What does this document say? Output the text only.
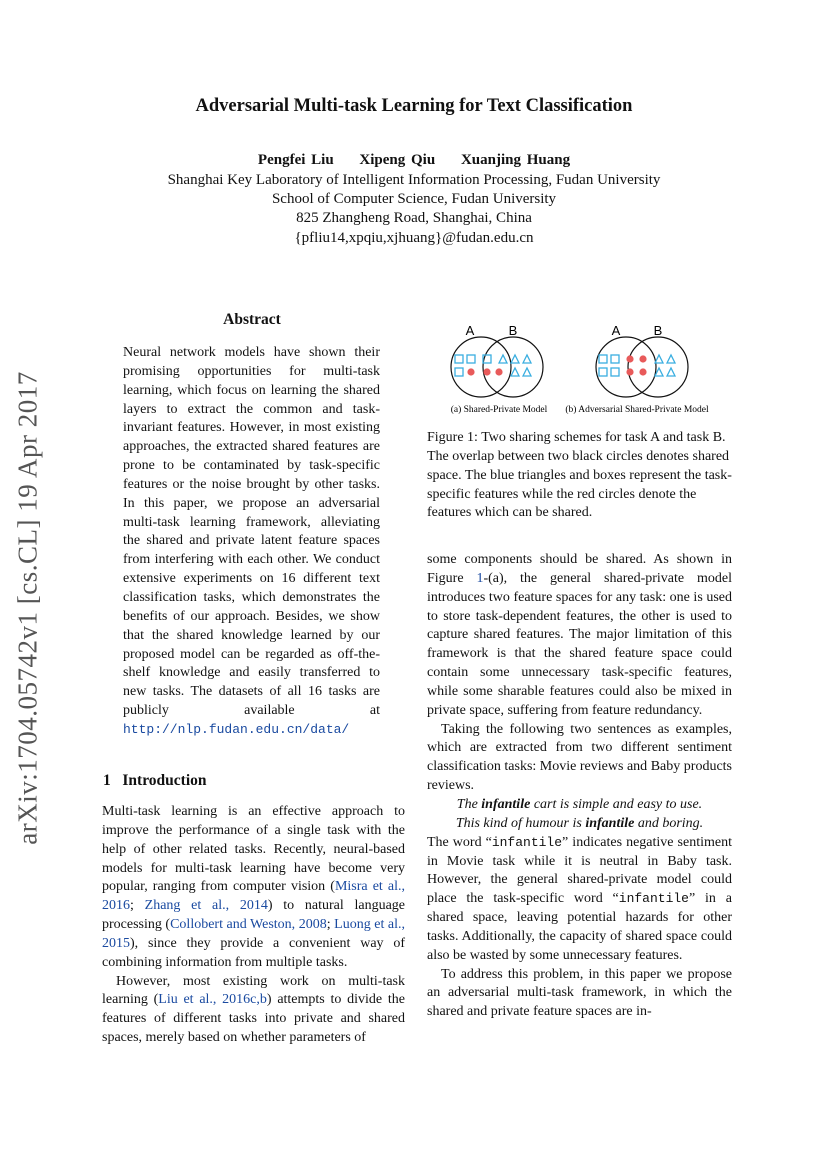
arXiv:1704.05742v1 [cs.CL] 19 Apr 2017
Adversarial Multi-task Learning for Text Classification
Pengfei Liu Xipeng Qiu Xuanjing Huang
Shanghai Key Laboratory of Intelligent Information Processing, Fudan University
School of Computer Science, Fudan University
825 Zhangheng Road, Shanghai, China
{pfliu14,xpqiu,xjhuang}@fudan.edu.cn
Abstract

Neural network models have shown their promising opportunities for multi-task learning, which focus on learning the shared layers to extract the common and task-invariant features. However, in most existing approaches, the extracted shared features are prone to be contaminated by task-specific features or the noise brought by other tasks. In this paper, we propose an adversarial multi-task learning framework, alleviating the shared and private latent feature spaces from interfering with each other. We conduct extensive experiments on 16 different text classification tasks, which demonstrates the benefits of our approach. Besides, we show that the shared knowledge learned by our proposed model can be regarded as off-the-shelf knowledge and easily transferred to new tasks. The datasets of all 16 tasks are publicly available at http://nlp.fudan.edu.cn/data/

1 Introduction

Multi-task learning is an effective approach to improve the performance of a single task with the help of other related tasks. Recently, neural-based models for multi-task learning have become very popular, ranging from computer vision (Misra et al., 2016; Zhang et al., 2014) to natural language processing (Collobert and Weston, 2008; Luong et al., 2015), since they provide a convenient way of combining information from multiple tasks.

However, most existing work on multi-task learning (Liu et al., 2016c,b) attempts to divide the features of different tasks into private and shared spaces, merely based on whether parameters of

A	B	A	B
(a) Shared-Private Model (b) Adversarial Shared-Private Model
Figure 1: Two sharing schemes for task A and task B. The overlap between two black circles denotes shared space. The blue triangles and boxes represent the task-specific features while the red circles denote the features which can be shared.

some components should be shared. As shown in Figure 1-(a), the general shared-private model introduces two feature spaces for any task: one is used to store task-dependent features, the other is used to capture shared features. The major limitation of this framework is that the shared feature space could contain some unnecessary task-specific features, while some sharable features could also be mixed in private space, suffering from feature redundancy.

Taking the following two sentences as examples, which are extracted from two different sentiment classification tasks: Movie reviews and Baby products reviews.

The infantile cart is simple and easy to use.

This kind of humour is infantile and boring.

The word “infantile” indicates negative sentiment in Movie task while it is neutral in Baby task. However, the general shared-private model could place the task-specific word “infantile” in a shared space, leaving potential hazards for other tasks. Additionally, the capacity of shared space could also be wasted by some unnecessary features.

To address this problem, in this paper we propose an adversarial multi-task framework, in which the shared and private feature spaces are in-
